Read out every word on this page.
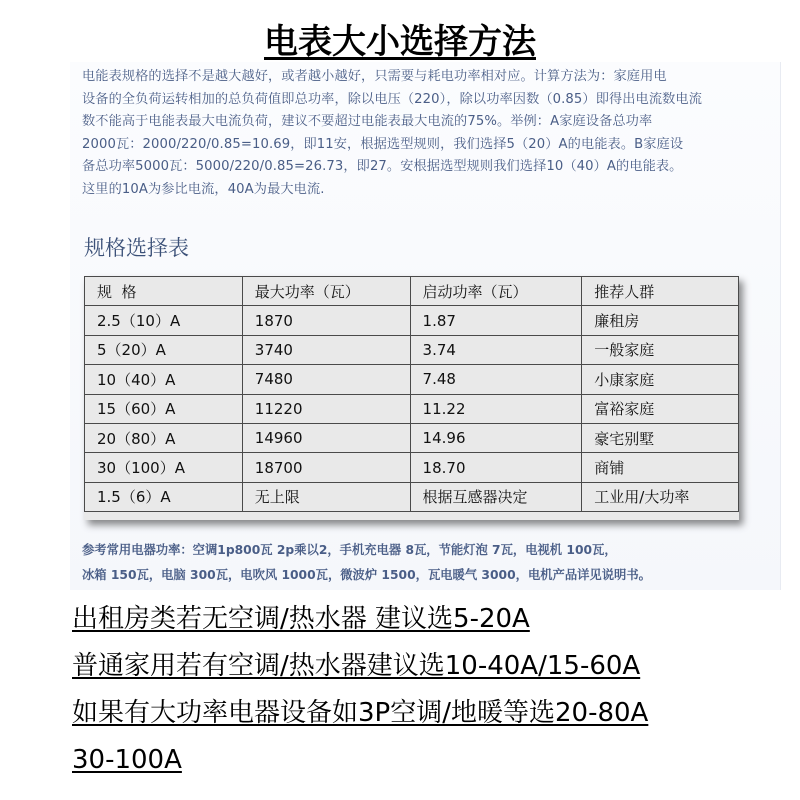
电表大小选择方法
电能表规格的选择不是越大越好，或者越小越好，只需要与耗电功率相对应。计算方法为：家庭用电
设备的全负荷运转相加的总负荷值即总功率，除以电压（220），除以功率因数（0.85）即得出电流数电流
数不能高于电能表最大电流负荷，建议不要超过电能表最大电流的75%。举例：A家庭设备总功率
2000瓦：2000/220/0.85=10.69，即11安，根据选型规则，我们选择5（20）A的电能表。B家庭设
备总功率5000瓦：5000/220/0.85=26.73，即27。安根据选型规则我们选择10（40）A的电能表。
这里的10A为参比电流，40A为最大电流.
规格选择表
规  格	最大功率（瓦）	启动功率（瓦）	推荐人群
2.5（10）A	1870	1.87	廉租房
5（20）A	3740	3.74	一般家庭
10（40）A	7480	7.48	小康家庭
15（60）A	11220	11.22	富裕家庭
20（80）A	14960	14.96	豪宅别墅
30（100）A	18700	18.70	商铺
1.5（6）A	无上限	根据互感器决定	工业用/大功率
参考常用电器功率：空调1p800瓦 2p乘以2，手机充电器 8瓦，节能灯泡 7瓦，电视机 100瓦，
冰箱 150瓦，电脑 300瓦，电吹风 1000瓦，微波炉 1500，瓦电暖气 3000，电机产品详见说明书。
出租房类若无空调/热水器 建议选5-20A
普通家用若有空调/热水器建议选10-40A/15-60A
如果有大功率电器设备如3P空调/地暖等选20-80A
30-100A
